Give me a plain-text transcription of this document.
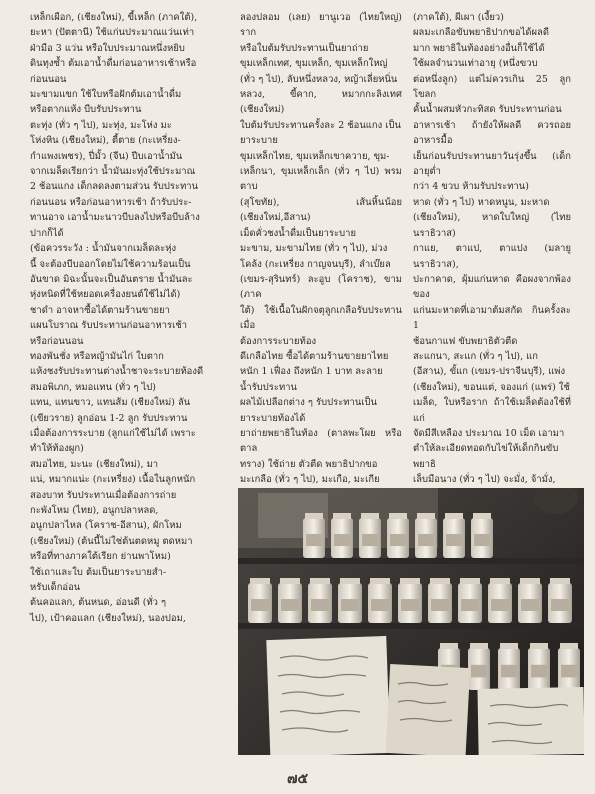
เหล็กเผือก, (เชียงใหม่), ขี้เหล็ก (ภาคใต้),

ยะหา (ปัตตานี) ใช้แก่นประมาณแว่นเท่า

ฝ่ามือ 3 แว่น หรือใบประมาณหนึ่งหยิบ

ดินทุงซ้ำ ต้มเอาน้ำดื่มก่อนอาหารเช้าหรือ

ก่อนนอน

มะขามแขก ใช้ใบหรือฝักต้มเอาน้ำดื่ม

หรือตากแห้ง บีบรับประทาน

ตะทุ่ง (ทั่ว ๆ ไป), มะทุ่ง, มะโห่ง มะ

โห่งหิน (เชียงใหม่), ตี้ตาย (กะเหรี่ยง-

กำแพงเพชร), ปี่มั้ว (จีน) ปีบเอาน้ำมัน

จากเมล็ดเรียกว่า น้ำมันมะทุ่งใช้ประมาณ

2 ช้อนแกง เด็กลดลงตามส่วน รับประทาน

ก่อนนอน หรือก่อนอาหารเช้า ถ้ารับประ-

ทานอาจ เอาน้ำมะนาวบีบลงไปหรือบีบล้าง

ปากก็ได้

(ข้อควรระวัง : น้ำมันจากเมล็ดละหุ่ง

นี้ จะต้องบีบออกโดยไม่ใช้ความร้อนเป็น

อันขาด มิฉะนั้นจะเป็นอันตราย น้ำมันละ

หุ่งหนิดที่ใช้หยอดเครื่องยนต์ใช้ไม่ได้)

ชาดำ อาจหาซื้อได้ตามร้านขายยา

แผนโบราณ รับประทานก่อนอาหารเช้า

หรือก่อนนอน

ทองพันชั่ง หรือหญ้ามันไก่ ใบตาก

แห้งชงรับประทานต่างน้ำชาจะระบายท้องดี

สมอพิเภก, หมอแทน (ทั่ว ๆ ไป)

แทน, แทนขาว, แทนส้ม (เชียงใหม่) ลัน

(เขียวราย) ลูกอ่อน 1-2 ลูก รับประทาน

เมื่อต้องการระบาย (ลูกแก่ใช้ไม่ได้ เพราะ

ทำให้ท้องผูก)

สมอไทย, มะนะ (เชียงใหม่), มา

แน่, หมากแน่ะ (กะเหรี่ยง) เนื้อในลูกหนัก

สองบาท รับประทานเมื่อต้องการถ่าย

กะพังโหม (ไทย), อนูกปลาหลด,

อนูกปลาไหล (โคราช-อีสาน), ผักโหม

(เชียงใหม่) (ต้นนี้ไม่ใช่ต้นตดหมู ตดหมา

หรือที่ทางภาคใต้เรียก ย่านพาโหม)

ใช้เถาและใบ ต้มเป็นยาระบายสำ-

หรับเด็กอ่อน

ต้นคอแลก, ต้นหนด, อ่อนดี (ทั่ว ๆ

ไป), เป้าคอแลก (เชียงใหม่), นองปอม,

ลองปลอม (เลย) ยานูเวอ (ไทยใหญ่) ราก

หรือใบต้มรับประทานเป็นยาถ่าย

ขุมเหล็กเทศ, ขุมเหล็ก, ขุมเหล็กใหญ่

(ทั่ว ๆ ไป), ลับหนึ่งหลวง, หญ้าเลี่ยหนิ่น

หลวง, ขี้คาก, หมากกะลิงเทศ (เชียงใหม่)

ใบต้มรับประทานครั้งละ 2 ช้อนแกง เป็น

ยาระบาย

ขุมเหล็กไทย, ขุมเหล็กเขาควาย, ขุม-

เหล็กนา, ขุมเหล็กเล็ก (ทั่ว ๆ ไป) พรมตาบ

(สุโขทัย), เส้นหิ้นน้อย (เชียงใหม่,อีสาน)

เม็ดคั่วชงน้ำดื่มเป็นยาระบาย

มะขาม, มะขามไทย (ทั่ว ๆ ไป), ม่วง

โคล้ง (กะเหรี่ยง กาญจนบุรี), ลำเบ๊ยล

(เขมร-สุรินทร์) ละอูบ (โคราช), ขาม (ภาค

ใต้) ใช้เนื้อในฝักจตุลูกเกลือรับประทานเมื่อ

ต้องการระบายท้อง

ดีเกลือไทย ซื้อได้ตามร้านขายยาไทย

หนัก 1 เฟื่อง ถึงหนัก 1 บาท ละลาย

น้ำรับประทาน

ผลไม้เปลือกต่าง ๆ รับประทานเป็น

ยาระบายท้องได้

ยาถ่ายพยาธิในท้อง (ตาลพะโผย หรือตาล

ทราง) ใช้ถ่าย ตัวตืด พยาธิปากขอ

มะเกลือ (ทั่ว ๆ ไป), มะเกือ, มะเกีย

(ภาคใต้), ผีเผา (เงี้ยว)

ผลมะเกลือขับพยาธิปากขอได้ผลดี

มาก พยาธิในท้องอย่างอื่นก็ใช้ได้

ใช้ผลจำนวนเท่าอายุ (หนึ่งขวบ

ต่อหนึ่งลูก) แต่ไม่ควรเกิน 25 ลูก โขลก

คั้นน้ำผสมหัวกะทิสด รับประทานก่อน

อาหารเช้า ถ้ายังให้ผลดี ควรถอยอาหารมื้อ

เย็นก่อนรับประทานยาวันรุ่งขึ้น (เด็กอายุต่ำ

กว่า 4 ขวบ ห้ามรับประทาน)

หาด (ทั่ว ๆ ไป) หาดหนูน, มะหาด

(เชียงใหม่), หาดใบใหญ่ (ไทยนราธิวาส)

กาแย, ตาแป, ตาแปง (มลายู นราธิวาส),

ปะกาคาด, ผุ้มแก่นหาด คือผงจากพ้องของ

แก่นมะหาดที่เอามาต้มสกัด กินครั้งละ 1

ช้อนกาแฟ ขับพยาธิตัวตืด

สะแกนา, สะแก (ทั่ว ๆ ไป), แก

(อีสาน), ขั้แก (เขมร-ปราจีนบุรี), แพ่ง

(เชียงใหม่), ขอนแต่, จองแก่ (แพร่) ใช้

เมล็ด, ใบหรือราก ถ้าใช้เมล็ดต้องใช้ที่แก่

จัดมีสีเหลือง ประมาณ 10 เม็ด เอามา

ตำให้ละเอียดทอดกับไข่ให้เด็กกินขับพยาธิ

เล็บมือนาง (ทั่ว ๆ ไป) จะมั่ง, จ้ามั่ง,

๗๕
